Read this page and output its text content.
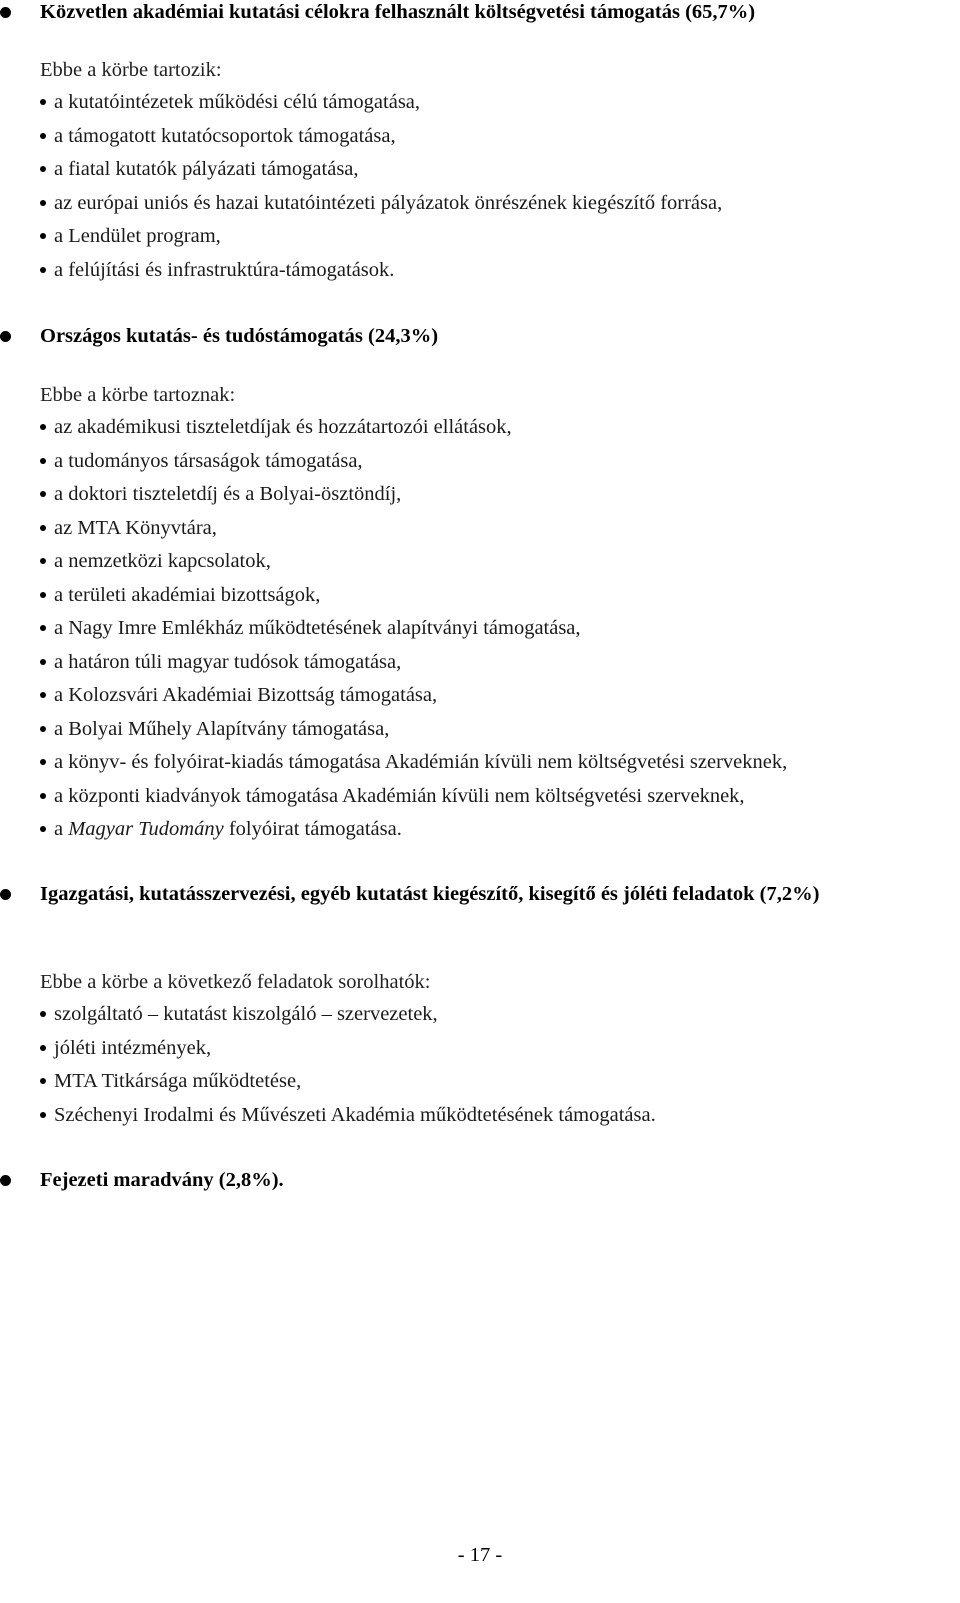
Közvetlen akadémiai kutatási célokra felhasznált költségvetési támogatás (65,7%)
Ebbe a körbe tartozik:
a kutatóintézetek működési célú támogatása,
a támogatott kutatócsoportok támogatása,
a fiatal kutatók pályázati támogatása,
az európai uniós és hazai kutatóintézeti pályázatok önrészének kiegészítő forrása,
a Lendület program,
a felújítási és infrastruktúra-támogatások.
Országos kutatás- és tudóstámogatás (24,3%)
Ebbe a körbe tartoznak:
az akadémikusi tiszteletdíjak és hozzátartozói ellátások,
a tudományos társaságok támogatása,
a doktori tiszteletdíj és a Bolyai-ösztöndíj,
az MTA Könyvtára,
a nemzetközi kapcsolatok,
a területi akadémiai bizottságok,
a Nagy Imre Emlékház működtetésének alapítványi támogatása,
a határon túli magyar tudósok támogatása,
a Kolozsvári Akadémiai Bizottság támogatása,
a Bolyai Műhely Alapítvány támogatása,
a könyv- és folyóirat-kiadás támogatása Akadémián kívüli nem költségvetési szerveknek,
a központi kiadványok támogatása Akadémián kívüli nem költségvetési szerveknek,
a Magyar Tudomány folyóirat támogatása.
Igazgatási, kutatásszervezési, egyéb kutatást kiegészítő, kisegítő és jóléti feladatok (7,2%)
Ebbe a körbe a következő feladatok sorolhatók:
szolgáltató – kutatást kiszolgáló – szervezetek,
jóléti intézmények,
MTA Titkársága működtetése,
Széchenyi Irodalmi és Művészeti Akadémia működtetésének támogatása.
Fejezeti maradvány (2,8%).
- 17 -
